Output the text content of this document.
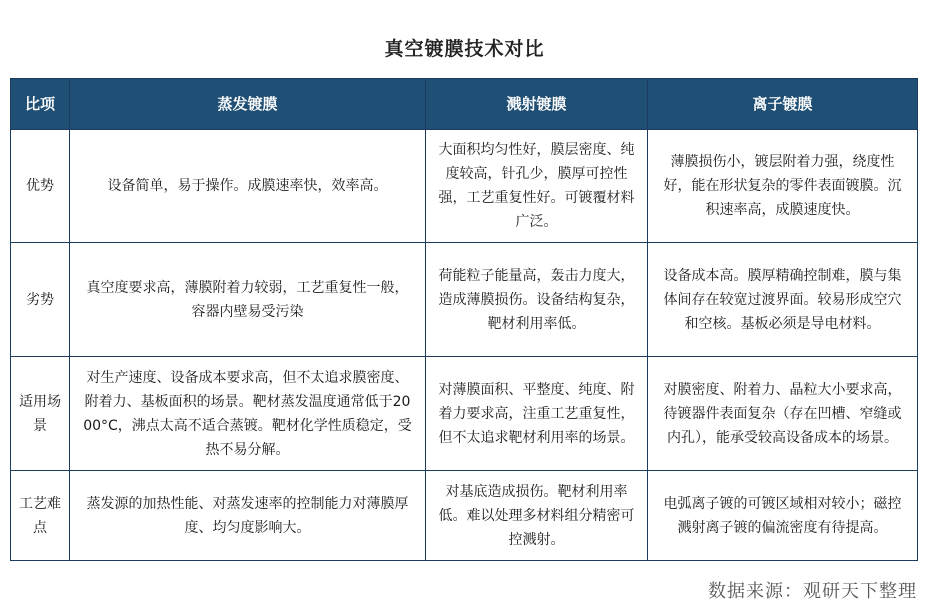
真空镀膜技术对比
比项	蒸发镀膜	溅射镀膜	离子镀膜
优势	设备简单，易于操作。成膜速率快，效率高。	大面积均匀性好，膜层密度、纯度较高，针孔少，膜厚可控性强，工艺重复性好。可镀覆材料广泛。	薄膜损伤小，镀层附着力强，绕度性好，能在形状复杂的零件表面镀膜。沉积速率高，成膜速度快。
劣势	真空度要求高，薄膜附着力较弱，工艺重复性一般，容器内壁易受污染	荷能粒子能量高，轰击力度大，造成薄膜损伤。设备结构复杂，靶材利用率低。	设备成本高。膜厚精确控制难，膜与集体间存在较宽过渡界面。较易形成空穴和空核。基板必须是导电材料。
适用场景	对生产速度、设备成本要求高，但不太追求膜密度、附着力、基板面积的场景。靶材蒸发温度通常低于2000°C，沸点太高不适合蒸镀。靶材化学性质稳定，受热不易分解。	对薄膜面积、平整度、纯度、附着力要求高，注重工艺重复性，但不太追求靶材利用率的场景。	对膜密度、附着力、晶粒大小要求高，待镀器件表面复杂（存在凹槽、窄缝或内孔），能承受较高设备成本的场景。
工艺难点	蒸发源的加热性能、对蒸发速率的控制能力对薄膜厚度、均匀度影响大。	对基底造成损伤。靶材利用率低。难以处理多材料组分精密可控溅射。	电弧离子镀的可镀区域相对较小；磁控溅射离子镀的偏流密度有待提高。
数据来源：观研天下整理
